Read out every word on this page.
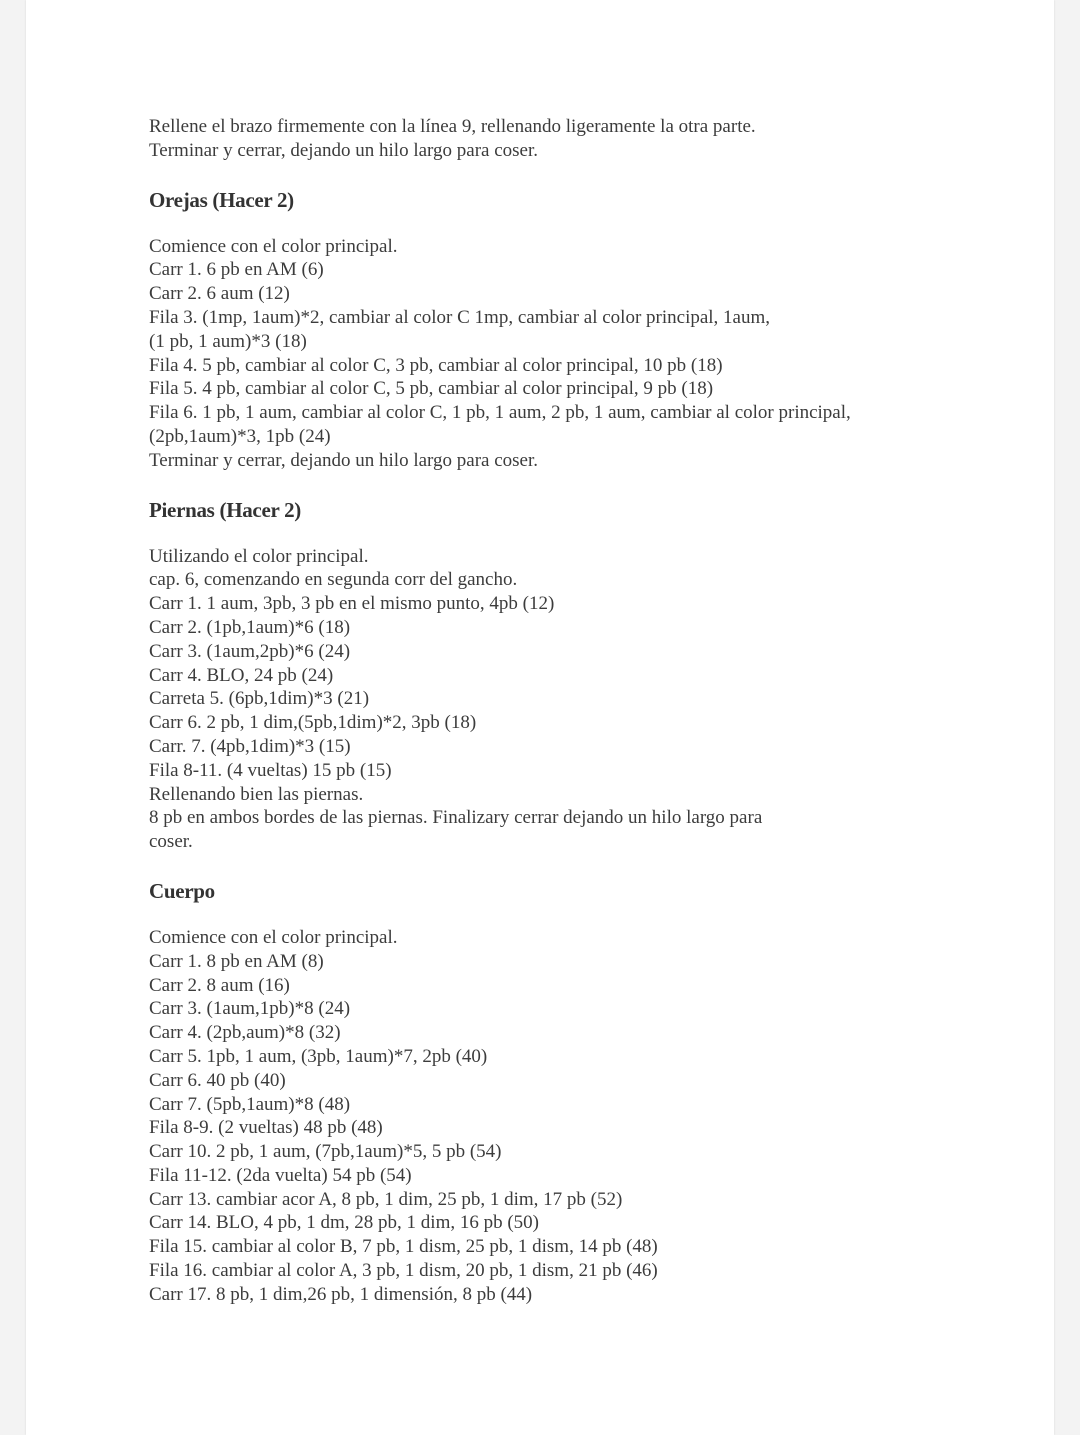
Rellene el brazo firmemente con la línea 9, rellenando ligeramente la otra parte.
Terminar y cerrar, dejando un hilo largo para coser.
Orejas (Hacer 2)
Comience con el color principal.
Carr 1. 6 pb en AM (6)
Carr 2. 6 aum (12)
Fila 3. (1mp, 1aum)*2, cambiar al color C 1mp, cambiar al color principal, 1aum,
(1 pb, 1 aum)*3 (18)
Fila 4. 5 pb, cambiar al color C, 3 pb, cambiar al color principal, 10 pb (18)
Fila 5. 4 pb, cambiar al color C, 5 pb, cambiar al color principal, 9 pb (18)
Fila 6. 1 pb, 1 aum, cambiar al color C, 1 pb, 1 aum, 2 pb, 1 aum, cambiar al color principal,
(2pb,1aum)*3, 1pb (24)
Terminar y cerrar, dejando un hilo largo para coser.
Piernas (Hacer 2)
Utilizando el color principal.
cap. 6, comenzando en segunda corr del gancho.
Carr 1. 1 aum, 3pb, 3 pb en el mismo punto, 4pb (12)
Carr 2. (1pb,1aum)*6 (18)
Carr 3. (1aum,2pb)*6 (24)
Carr 4. BLO, 24 pb (24)
Carreta 5. (6pb,1dim)*3 (21)
Carr 6. 2 pb, 1 dim,(5pb,1dim)*2, 3pb (18)
Carr. 7. (4pb,1dim)*3 (15)
Fila 8-11. (4 vueltas) 15 pb (15)
Rellenando bien las piernas.
8 pb en ambos bordes de las piernas. Finalizary cerrar dejando un hilo largo para
coser.
Cuerpo
Comience con el color principal.
Carr 1. 8 pb en AM (8)
Carr 2. 8 aum (16)
Carr 3. (1aum,1pb)*8 (24)
Carr 4. (2pb,aum)*8 (32)
Carr 5. 1pb, 1 aum, (3pb, 1aum)*7, 2pb (40)
Carr 6. 40 pb (40)
Carr 7. (5pb,1aum)*8 (48)
Fila 8-9. (2 vueltas) 48 pb (48)
Carr 10. 2 pb, 1 aum, (7pb,1aum)*5, 5 pb (54)
Fila 11-12. (2da vuelta) 54 pb (54)
Carr 13. cambiar acor A, 8 pb, 1 dim, 25 pb, 1 dim, 17 pb (52)
Carr 14. BLO, 4 pb, 1 dm, 28 pb, 1 dim, 16 pb (50)
Fila 15. cambiar al color B, 7 pb, 1 dism, 25 pb, 1 dism, 14 pb (48)
Fila 16. cambiar al color A, 3 pb, 1 dism, 20 pb, 1 dism, 21 pb (46)
Carr 17. 8 pb, 1 dim,26 pb, 1 dimensión, 8 pb (44)
